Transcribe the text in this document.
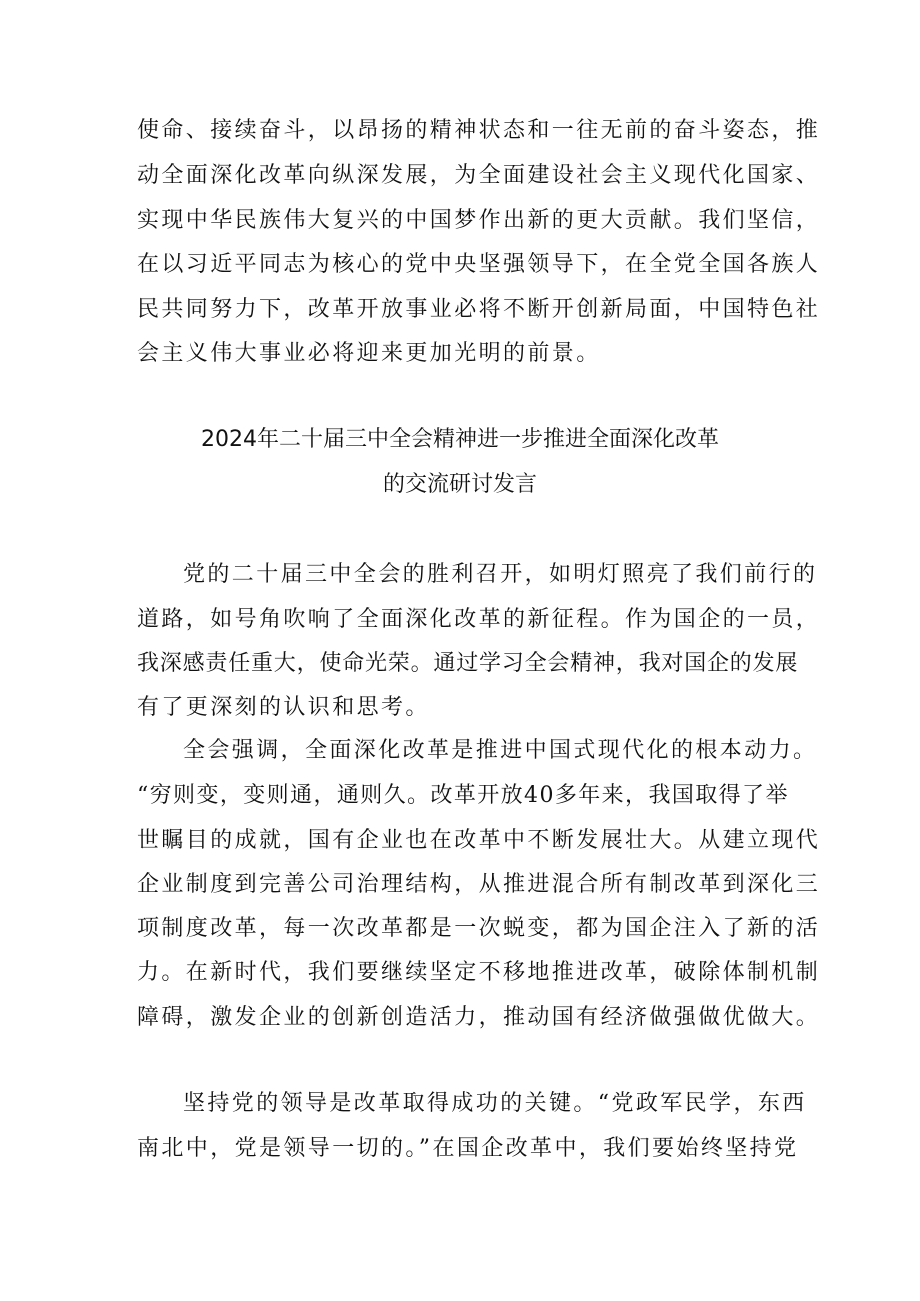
使命、接续奋斗，以昂扬的精神状态和一往无前的奋斗姿态，推
动全面深化改革向纵深发展，为全面建设社会主义现代化国家、
实现中华民族伟大复兴的中国梦作出新的更大贡献。我们坚信，
在以习近平同志为核心的党中央坚强领导下，在全党全国各族人
民共同努力下，改革开放事业必将不断开创新局面，中国特色社
会主义伟大事业必将迎来更加光明的前景。
2024年二十届三中全会精神进一步推进全面深化改革
的交流研讨发言
党的二十届三中全会的胜利召开，如明灯照亮了我们前行的
道路，如号角吹响了全面深化改革的新征程。作为国企的一员，
我深感责任重大，使命光荣。通过学习全会精神，我对国企的发展
有了更深刻的认识和思考。
全会强调，全面深化改革是推进中国式现代化的根本动力。
“穷则变，变则通，通则久。改革开放40多年来，我国取得了举
世瞩目的成就，国有企业也在改革中不断发展壮大。从建立现代
企业制度到完善公司治理结构，从推进混合所有制改革到深化三
项制度改革，每一次改革都是一次蜕变，都为国企注入了新的活
力。在新时代，我们要继续坚定不移地推进改革，破除体制机制
障碍，激发企业的创新创造活力，推动国有经济做强做优做大。
坚持党的领导是改革取得成功的关键。“党政军民学，东西
南北中，党是领导一切的。”在国企改革中，我们要始终坚持党
